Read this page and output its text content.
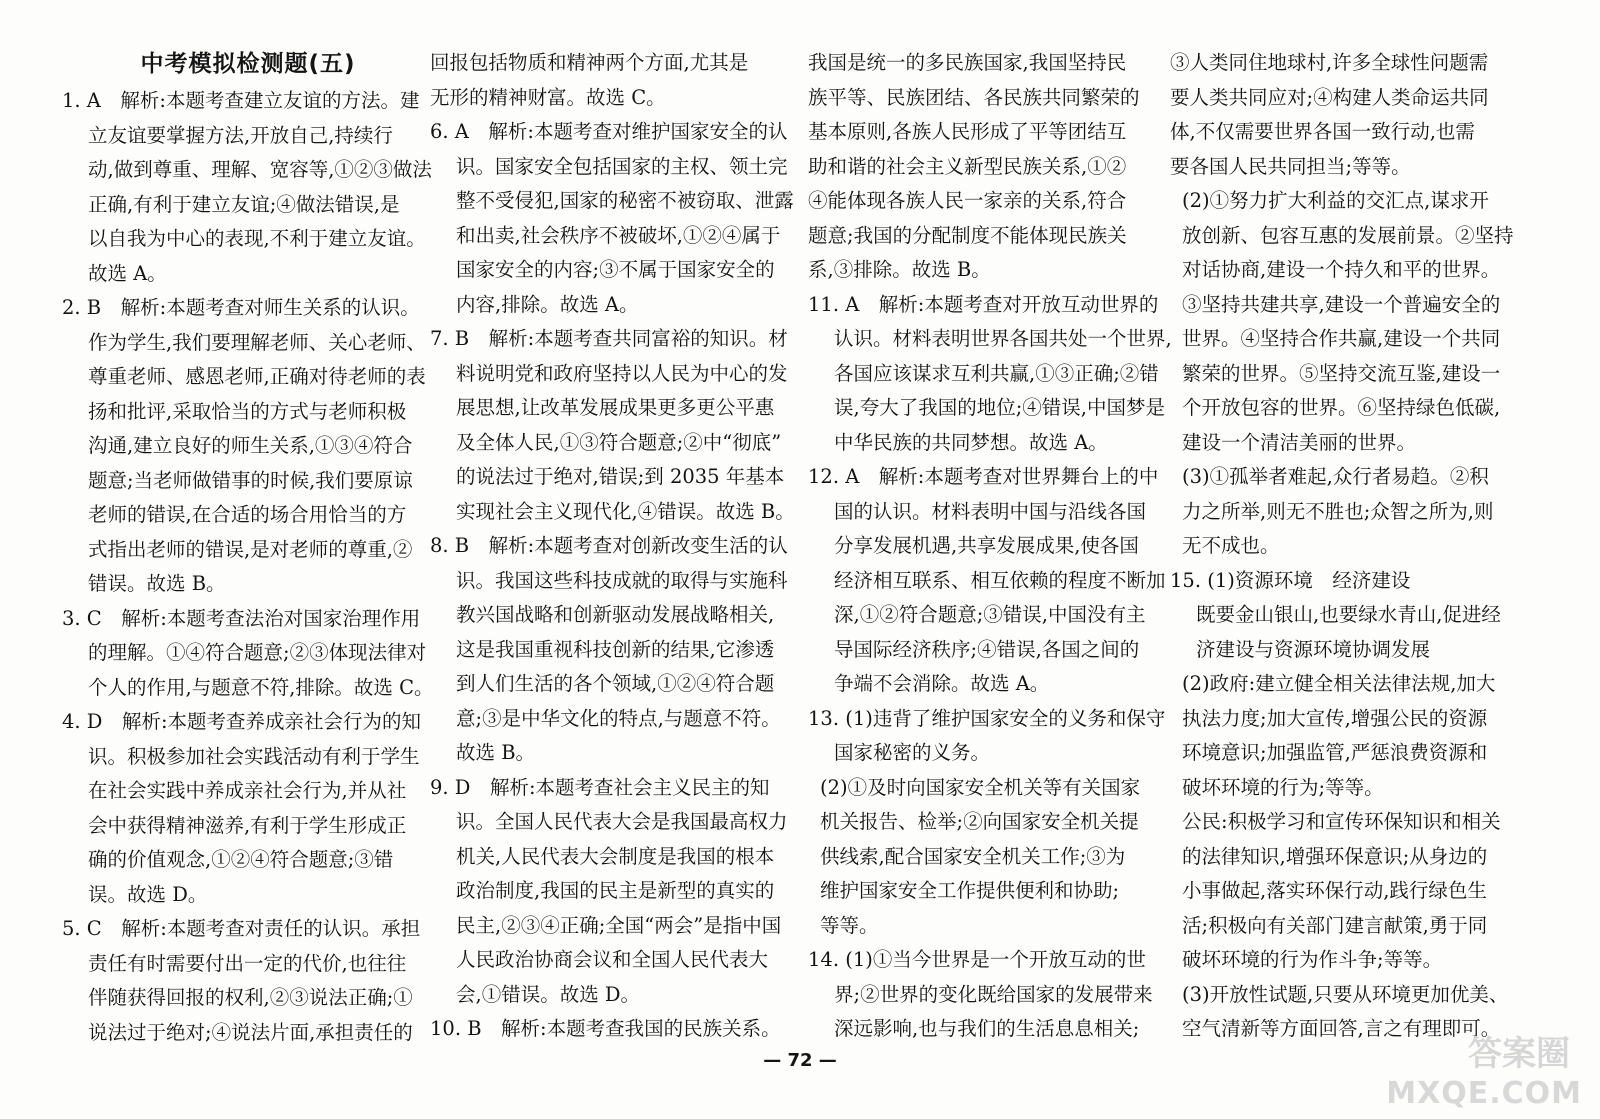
中考模拟检测题(五)
1. A　解析:本题考查建立友谊的方法。建
立友谊要掌握方法,开放自己,持续行
动,做到尊重、理解、宽容等,①②③做法
正确,有利于建立友谊;④做法错误,是
以自我为中心的表现,不利于建立友谊。
故选 A。
2. B　解析:本题考查对师生关系的认识。
作为学生,我们要理解老师、关心老师、
尊重老师、感恩老师,正确对待老师的表
扬和批评,采取恰当的方式与老师积极
沟通,建立良好的师生关系,①③④符合
题意;当老师做错事的时候,我们要原谅
老师的错误,在合适的场合用恰当的方
式指出老师的错误,是对老师的尊重,②
错误。故选 B。
3. C　解析:本题考查法治对国家治理作用
的理解。①④符合题意;②③体现法律对
个人的作用,与题意不符,排除。故选 C。
4. D　解析:本题考查养成亲社会行为的知
识。积极参加社会实践活动有利于学生
在社会实践中养成亲社会行为,并从社
会中获得精神滋养,有利于学生形成正
确的价值观念,①②④符合题意;③错
误。故选 D。
5. C　解析:本题考查对责任的认识。承担
责任有时需要付出一定的代价,也往往
伴随获得回报的权利,②③说法正确;①
说法过于绝对;④说法片面,承担责任的
回报包括物质和精神两个方面,尤其是
无形的精神财富。故选 C。
6. A　解析:本题考查对维护国家安全的认
识。国家安全包括国家的主权、领土完
整不受侵犯,国家的秘密不被窃取、泄露
和出卖,社会秩序不被破坏,①②④属于
国家安全的内容;③不属于国家安全的
内容,排除。故选 A。
7. B　解析:本题考查共同富裕的知识。材
料说明党和政府坚持以人民为中心的发
展思想,让改革发展成果更多更公平惠
及全体人民,①③符合题意;②中“彻底”
的说法过于绝对,错误;到 2035 年基本
实现社会主义现代化,④错误。故选 B。
8. B　解析:本题考查对创新改变生活的认
识。我国这些科技成就的取得与实施科
教兴国战略和创新驱动发展战略相关,
这是我国重视科技创新的结果,它渗透
到人们生活的各个领域,①②④符合题
意;③是中华文化的特点,与题意不符。
故选 B。
9. D　解析:本题考查社会主义民主的知
识。全国人民代表大会是我国最高权力
机关,人民代表大会制度是我国的根本
政治制度,我国的民主是新型的真实的
民主,②③④正确;全国“两会”是指中国
人民政治协商会议和全国人民代表大
会,①错误。故选 D。
10. B　解析:本题考查我国的民族关系。
我国是统一的多民族国家,我国坚持民
族平等、民族团结、各民族共同繁荣的
基本原则,各族人民形成了平等团结互
助和谐的社会主义新型民族关系,①②
④能体现各族人民一家亲的关系,符合
题意;我国的分配制度不能体现民族关
系,③排除。故选 B。
11. A　解析:本题考查对开放互动世界的
认识。材料表明世界各国共处一个世界,
各国应该谋求互利共赢,①③正确;②错
误,夸大了我国的地位;④错误,中国梦是
中华民族的共同梦想。故选 A。
12. A　解析:本题考查对世界舞台上的中
国的认识。材料表明中国与沿线各国
分享发展机遇,共享发展成果,使各国
经济相互联系、相互依赖的程度不断加
深,①②符合题意;③错误,中国没有主
导国际经济秩序;④错误,各国之间的
争端不会消除。故选 A。
13. (1)违背了维护国家安全的义务和保守
国家秘密的义务。
(2)①及时向国家安全机关等有关国家
机关报告、检举;②向国家安全机关提
供线索,配合国家安全机关工作;③为
维护国家安全工作提供便利和协助;
等等。
14. (1)①当今世界是一个开放互动的世
界;②世界的变化既给国家的发展带来
深远影响,也与我们的生活息息相关;
③人类同住地球村,许多全球性问题需
要人类共同应对;④构建人类命运共同
体,不仅需要世界各国一致行动,也需
要各国人民共同担当;等等。
(2)①努力扩大利益的交汇点,谋求开
放创新、包容互惠的发展前景。②坚持
对话协商,建设一个持久和平的世界。
③坚持共建共享,建设一个普遍安全的
世界。④坚持合作共赢,建设一个共同
繁荣的世界。⑤坚持交流互鉴,建设一
个开放包容的世界。⑥坚持绿色低碳,
建设一个清洁美丽的世界。
(3)①孤举者难起,众行者易趋。②积
力之所举,则无不胜也;众智之所为,则
无不成也。
15. (1)资源环境　经济建设
既要金山银山,也要绿水青山,促进经
济建设与资源环境协调发展
(2)政府:建立健全相关法律法规,加大
执法力度;加大宣传,增强公民的资源
环境意识;加强监管,严惩浪费资源和
破坏环境的行为;等等。
公民:积极学习和宣传环保知识和相关
的法律知识,增强环保意识;从身边的
小事做起,落实环保行动,践行绿色生
活;积极向有关部门建言献策,勇于同
破坏环境的行为作斗争;等等。
(3)开放性试题,只要从环境更加优美、
空气清新等方面回答,言之有理即可。
— 72 —	答案圈
MXQE.COM
